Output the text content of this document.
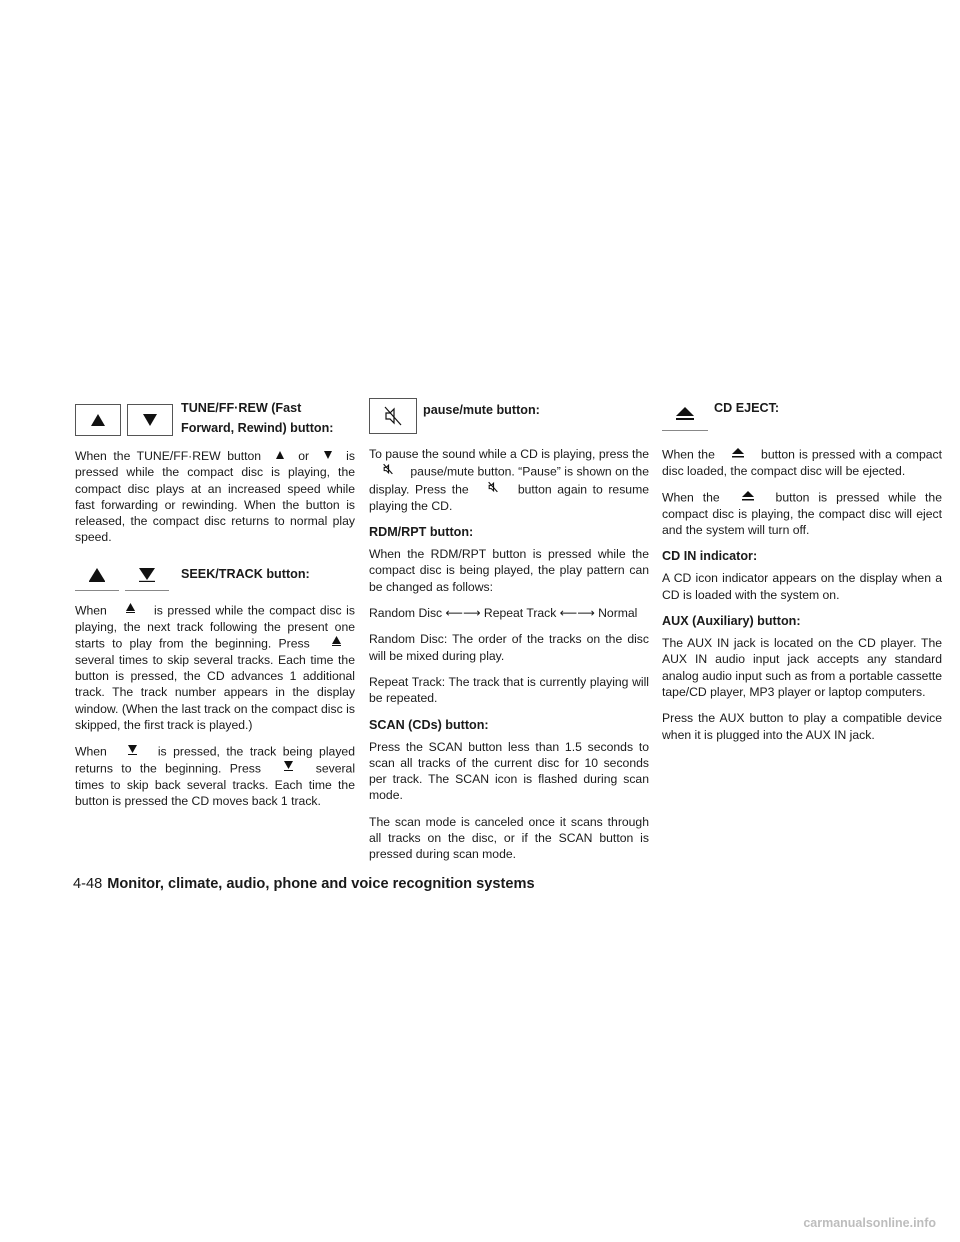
TUNE/FF·REW (Fast
Forward, Rewind) button:

When the TUNE/FF·REW button	or	is pressed while the compact disc is playing, the compact disc plays at an increased speed while fast forwarding or rewinding. When the button is released, the compact disc returns to normal play speed.

SEEK/TRACK button:

When	is pressed while the compact disc is playing, the next track following the present one starts to play from the beginning. Press
several times to skip several tracks. Each time the button is pressed, the CD advances 1 additional track. The track number appears in the display window. (When the last track on the compact disc is skipped, the first track is played.)

When	is pressed, the track being played returns to the beginning. Press	several times to skip back several tracks. Each time the button is pressed the CD moves back 1 track.

pause/mute button:

To pause the sound while a CD is playing, press the
pause/mute button. “Pause” is shown on the display. Press the	button again to resume playing the CD.

RDM/RPT button:

When the RDM/RPT button is pressed while the compact disc is being played, the play pattern can be changed as follows:

Random Disc ⟵⟶ Repeat Track ⟵⟶ Normal

Random Disc: The order of the tracks on the disc will be mixed during play.

Repeat Track: The track that is currently playing will be repeated.

SCAN (CDs) button:

Press the SCAN button less than 1.5 seconds to scan all tracks of the current disc for 10 seconds per track. The SCAN icon is flashed during scan mode.

The scan mode is canceled once it scans through all tracks on the disc, or if the SCAN button is pressed during scan mode.

CD EJECT:

When the	button is pressed with a compact disc loaded, the compact disc will be ejected.

When the	button is pressed while the compact disc is playing, the compact disc will eject and the system will turn off.

CD IN indicator:

A CD icon indicator appears on the display when a CD is loaded with the system on.

AUX (Auxiliary) button:

The AUX IN jack is located on the CD player. The AUX IN audio input jack accepts any standard analog audio input such as from a portable cassette tape/CD player, MP3 player or laptop computers.

Press the AUX button to play a compatible device when it is plugged into the AUX IN jack.

4-48 Monitor, climate, audio, phone and voice recognition systems
carmanualsonline.info
